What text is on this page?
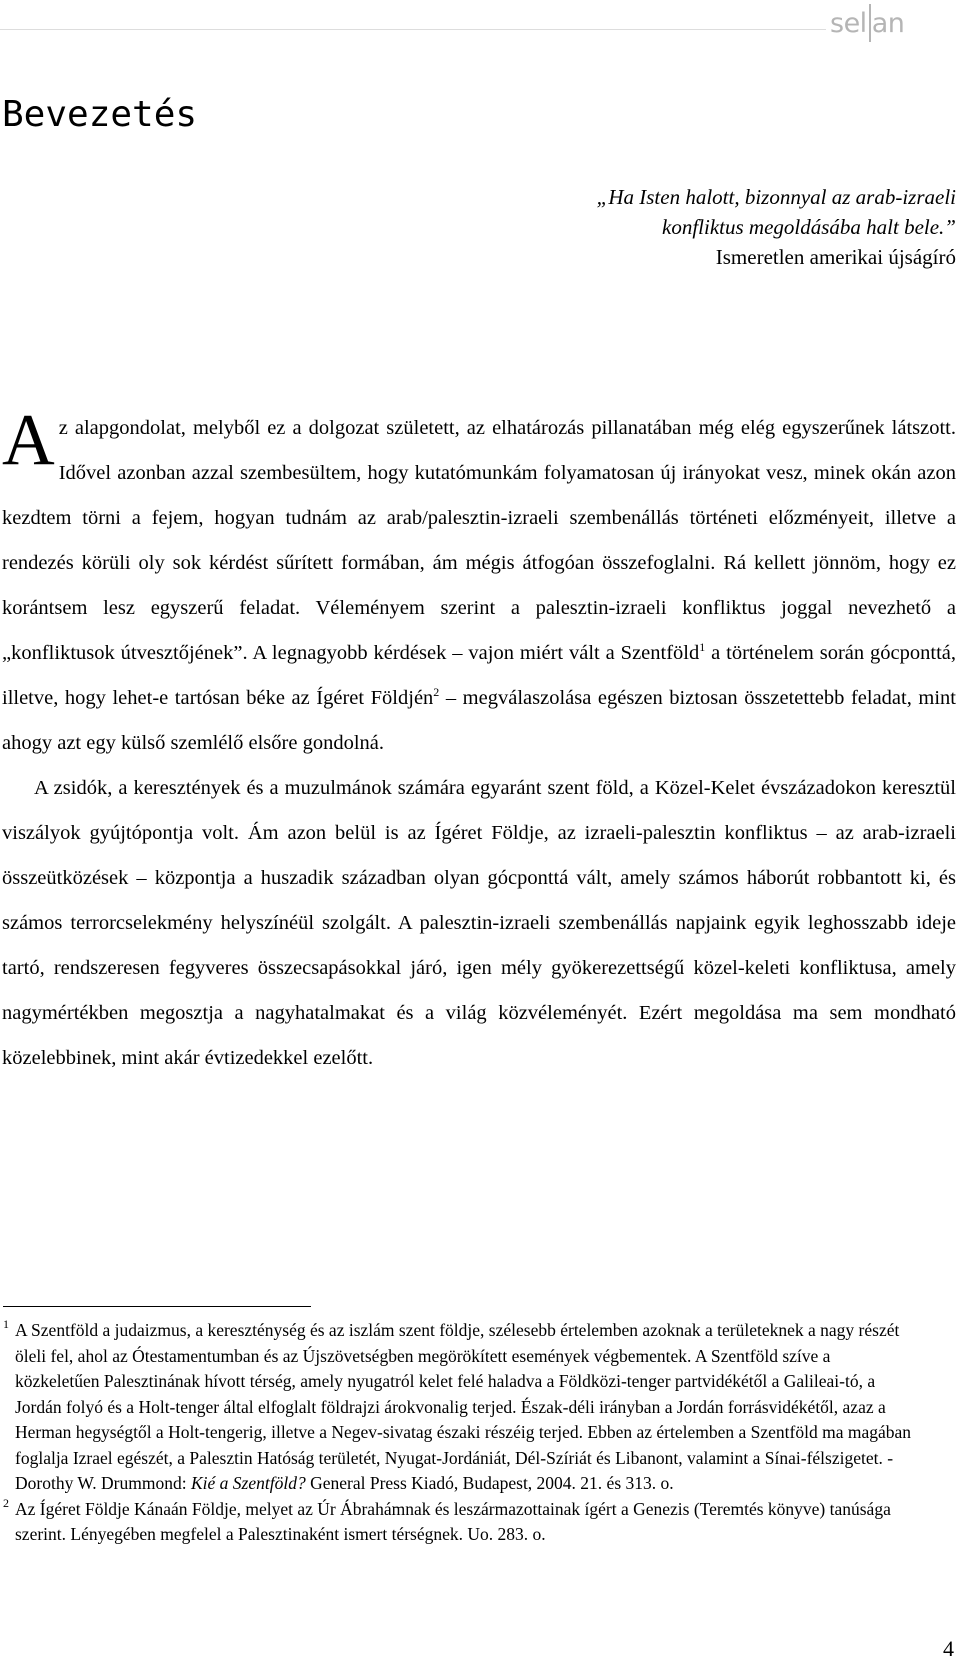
sel an
Bevezetés
„Ha Isten halott, bizonnyal az arab-izraeli
konfliktus megoldásába halt bele.”
Ismeretlen amerikai újságíró

Az alapgondolat, melyből ez a dolgozat született, az elhatározás pillanatában még elég egyszerűnek látszott. Idővel azonban azzal szembesültem, hogy kutatómunkám folyamatosan új irányokat vesz, minek okán azon kezdtem törni a fejem, hogyan tudnám az arab/palesztin-izraeli szembenállás történeti előzményeit, illetve a rendezés körüli oly sok kérdést sűrített formában, ám mégis átfogóan összefoglalni. Rá kellett jönnöm, hogy ez korántsem lesz egyszerű feladat. Véleményem szerint a palesztin-izraeli konfliktus joggal nevezhető a „konfliktusok útvesztőjének”. A legnagyobb kérdések – vajon miért vált a Szentföld$^1$ a történelem során gócponttá, illetve, hogy lehet-e tartósan béke az Ígéret Földjén$^2$ – megválaszolása egészen biztosan összetettebb feladat, mint ahogy azt egy külső szemlélő elsőre gondolná.

A zsidók, a keresztények és a muzulmánok számára egyaránt szent föld, a Közel-Kelet évszázadokon keresztül viszályok gyújtópontja volt. Ám azon belül is az Ígéret Földje, az izraeli-palesztin konfliktus – az arab-izraeli összeütközések – központja a huszadik században olyan gócponttá vált, amely számos háborút robbantott ki, és számos terrorcselekmény helyszínéül szolgált. A palesztin-izraeli szembenállás napjaink egyik leghosszabb ideje tartó, rendszeresen fegyveres összecsapásokkal járó, igen mély gyökerezettségű közel-keleti konfliktusa, amely nagymértékben megosztja a nagyhatalmakat és a világ közvéleményét. Ezért megoldása ma sem mondható közelebbinek, mint akár évtizedekkel ezelőtt.

1 A Szentföld a judaizmus, a kereszténység és az iszlám szent földje, szélesebb értelemben azoknak a területeknek a nagy részét öleli fel, ahol az Ótestamentumban és az Újszövetségben megörökített események végbementek. A Szentföld szíve a közkeletűen Palesztinának hívott térség, amely nyugatról kelet felé haladva a Földközi-tenger partvidékétől a Galileai-tó, a Jordán folyó és a Holt-tenger által elfoglalt földrajzi árokvonalig terjed. Észak-déli irányban a Jordán forrásvidékétől, azaz a Herman hegységtől a Holt-tengerig, illetve a Negev-sivatag északi részéig terjed. Ebben az értelemben a Szentföld ma magában foglalja Izrael egészét, a Palesztin Hatóság területét, Nyugat-Jordániát, Dél-Szíriát és Libanont, valamint a Sínai-félszigetet. - Dorothy W. Drummond: Kié a Szentföld? General Press Kiadó, Budapest, 2004. 21. és 313. o.

2 Az Ígéret Földje Kánaán Földje, melyet az Úr Ábrahámnak és leszármazottainak ígért a Genezis (Teremtés könyve) tanúsága szerint. Lényegében megfelel a Palesztinaként ismert térségnek. Uo. 283. o.

4
